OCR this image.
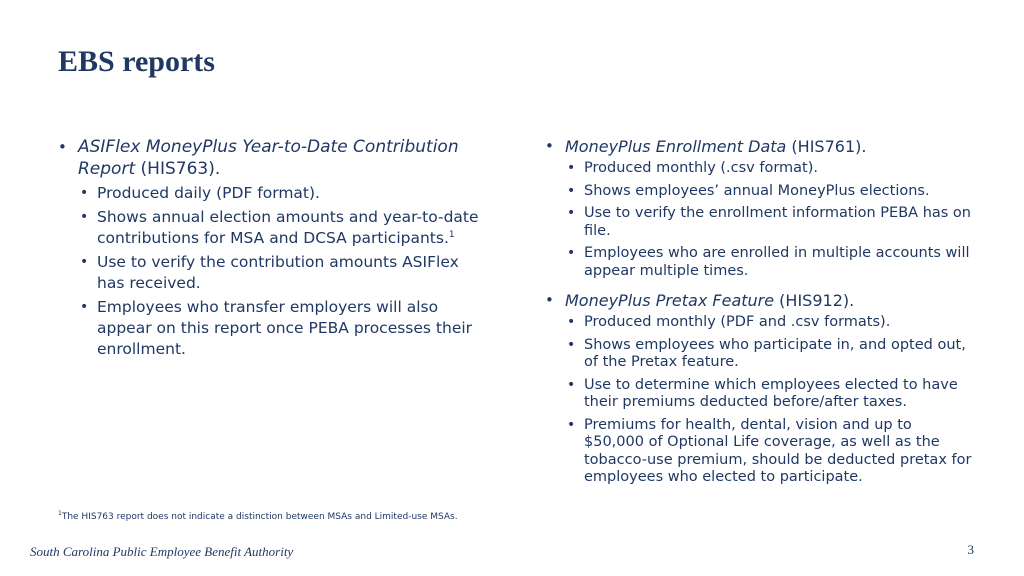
EBS reports
• ASIFlex MoneyPlus Year-to-Date Contribution Report (HIS763).
• Produced daily (PDF format).
• Shows annual election amounts and year-to-date contributions for MSA and DCSA participants.$^1$
• Use to verify the contribution amounts ASIFlex has received.
• Employees who transfer employers will also appear on this report once PEBA processes their enrollment.
• MoneyPlus Enrollment Data (HIS761).
• Produced monthly (.csv format).
• Shows employees’ annual MoneyPlus elections.
• Use to verify the enrollment information PEBA has on file.
• Employees who are enrolled in multiple accounts will appear multiple times.
• MoneyPlus Pretax Feature (HIS912).
• Produced monthly (PDF and .csv formats).
• Shows employees who participate in, and opted out, of the Pretax feature.
• Use to determine which employees elected to have their premiums deducted before/after taxes.
• Premiums for health, dental, vision and up to $50,000 of Optional Life coverage, as well as the tobacco-use premium, should be deducted pretax for employees who elected to participate.
$^1$The HIS763 report does not indicate a distinction between MSAs and Limited-use MSAs.
South Carolina Public Employee Benefit Authority	3
